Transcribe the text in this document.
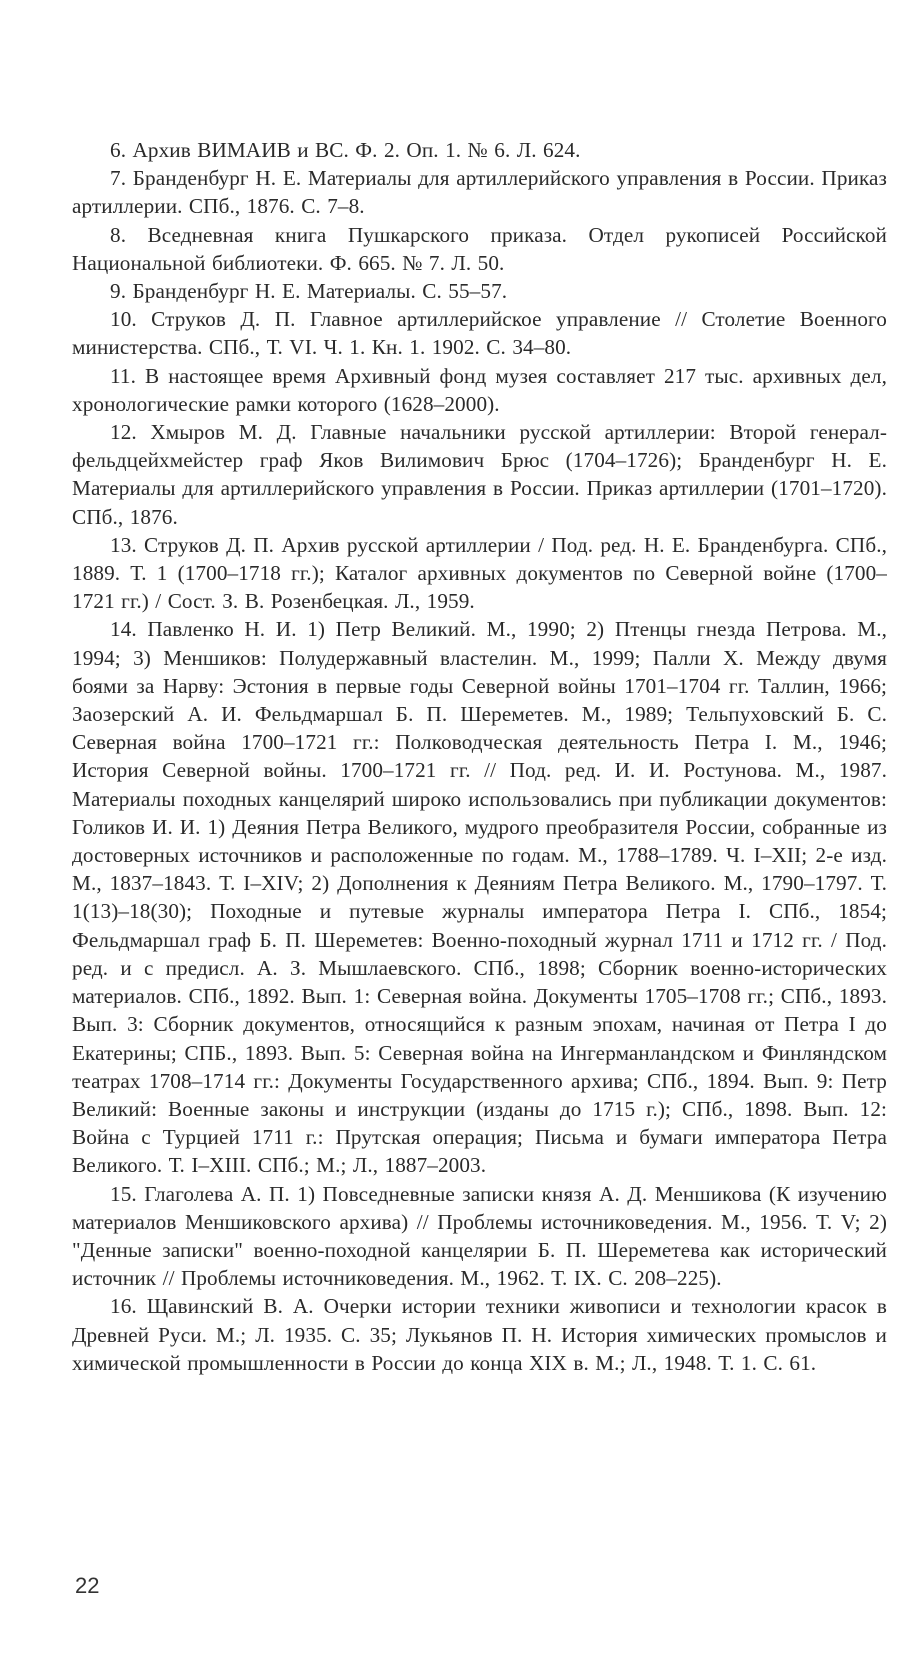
6. Архив ВИМАИВ и ВС. Ф. 2. Оп. 1. № 6. Л. 624.

7. Бранденбург Н. Е. Материалы для артиллерийского управления в России. Приказ артиллерии. СПб., 1876. С. 7–8.

8. Вседневная книга Пушкарского приказа. Отдел рукописей Российской Национальной библиотеки. Ф. 665. № 7. Л. 50.

9. Бранденбург Н. Е. Материалы. С. 55–57.

10. Струков Д. П. Главное артиллерийское управление // Столетие Военного министерства. СПб., Т. VI. Ч. 1. Кн. 1. 1902. С. 34–80.

11. В настоящее время Архивный фонд музея составляет 217 тыс. архивных дел, хронологические рамки которого (1628–2000).

12. Хмыров М. Д. Главные начальники русской артиллерии: Второй генерал-фельдцейхмейстер граф Яков Вилимович Брюс (1704–1726); Бранденбург Н. Е. Материалы для артиллерийского управления в России. Приказ артиллерии (1701–1720). СПб., 1876.

13. Струков Д. П. Архив русской артиллерии / Под. ред. Н. Е. Бранденбурга. СПб., 1889. Т. 1 (1700–1718 гг.); Каталог архивных документов по Северной войне (1700–1721 гг.) / Сост. З. В. Розенбецкая. Л., 1959.

14. Павленко Н. И. 1) Петр Великий. М., 1990; 2) Птенцы гнезда Петрова. М., 1994; 3) Меншиков: Полудержавный властелин. М., 1999; Палли Х. Между двумя боями за Нарву: Эстония в первые годы Северной войны 1701–1704 гг. Таллин, 1966; Заозерский А. И. Фельдмаршал Б. П. Шереметев. М., 1989; Тельпуховский Б. С. Северная война 1700–1721 гг.: Полководческая деятельность Петра I. М., 1946; История Северной войны. 1700–1721 гг. // Под. ред. И. И. Ростунова. М., 1987. Материалы походных канцелярий широко использовались при публикации документов: Голиков И. И. 1) Деяния Петра Великого, мудрого преобразителя России, собранные из достоверных источников и расположенные по годам. М., 1788–1789. Ч. I–XII; 2-е изд. М., 1837–1843. Т. I–XIV; 2) Дополнения к Деяниям Петра Великого. М., 1790–1797. Т. 1(13)–18(30); Походные и путевые журналы императора Петра I. СПб., 1854; Фельдмаршал граф Б. П. Шереметев: Военно-походный журнал 1711 и 1712 гг. / Под. ред. и с предисл. А. З. Мышлаевского. СПб., 1898; Сборник военно-исторических материалов. СПб., 1892. Вып. 1: Северная война. Документы 1705–1708 гг.; СПб., 1893. Вып. 3: Сборник документов, относящийся к разным эпохам, начиная от Петра I до Екатерины; СПБ., 1893. Вып. 5: Северная война на Ингерманландском и Финляндском театрах 1708–1714 гг.: Документы Государственного архива; СПб., 1894. Вып. 9: Петр Великий: Военные законы и инструкции (изданы до 1715 г.); СПб., 1898. Вып. 12: Война с Турцией 1711 г.: Прутская операция; Письма и бумаги императора Петра Великого. Т. I–XIII. СПб.; М.; Л., 1887–2003.

15. Глаголева А. П. 1) Повседневные записки князя А. Д. Меншикова (К изучению материалов Меншиковского архива) // Проблемы источниковедения. М., 1956. Т. V; 2) "Денные записки" военно-походной канцелярии Б. П. Шереметева как исторический источник // Проблемы источниковедения. М., 1962. Т. IX. С. 208–225).

16. Щавинский В. А. Очерки истории техники живописи и технологии красок в Древней Руси. М.; Л. 1935. С. 35; Лукьянов П. Н. История химических промыслов и химической промышленности в России до конца XIX в. М.; Л., 1948. Т. 1. С. 61.

22
